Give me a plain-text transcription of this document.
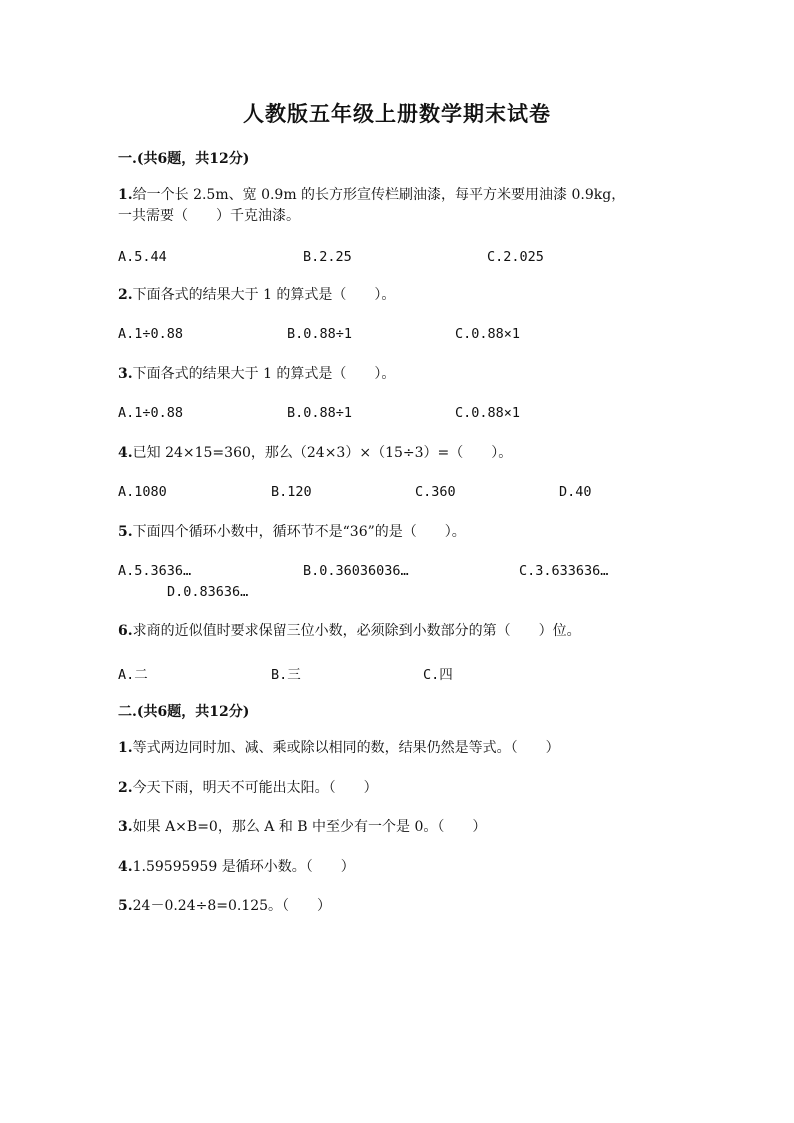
人教版五年级上册数学期末试卷
一.(共6题，共12分)
1.给一个长 2.5m、宽 0.9m 的长方形宣传栏刷油漆，每平方米要用油漆 0.9kg，
一共需要（　　）千克油漆。
A.5.44	B.2.25	C.2.025
2.下面各式的结果大于 1 的算式是（　　）。
A.1÷0.88	B.0.88÷1	C.0.88×1
3.下面各式的结果大于 1 的算式是（　　）。
A.1÷0.88	B.0.88÷1	C.0.88×1
4.已知 24×15=360，那么（24×3）×（15÷3）=（　　）。
A.1080	B.120	C.360	D.40
5.下面四个循环小数中，循环节不是“36”的是（　　）。
A.5.3636…	B.0.36036036…	C.3.633636…
D.0.83636…
6.求商的近似值时要求保留三位小数，必须除到小数部分的第（　　）位。
A.二	B.三	C.四
二.(共6题，共12分)
1.等式两边同时加、减、乘或除以相同的数，结果仍然是等式。（　　）
2.今天下雨，明天不可能出太阳。（　　）
3.如果 A×B=0，那么 A 和 B 中至少有一个是 0。（　　）
4.1.59595959 是循环小数。（　　）
5.24－0.24÷8=0.125。（　　）
